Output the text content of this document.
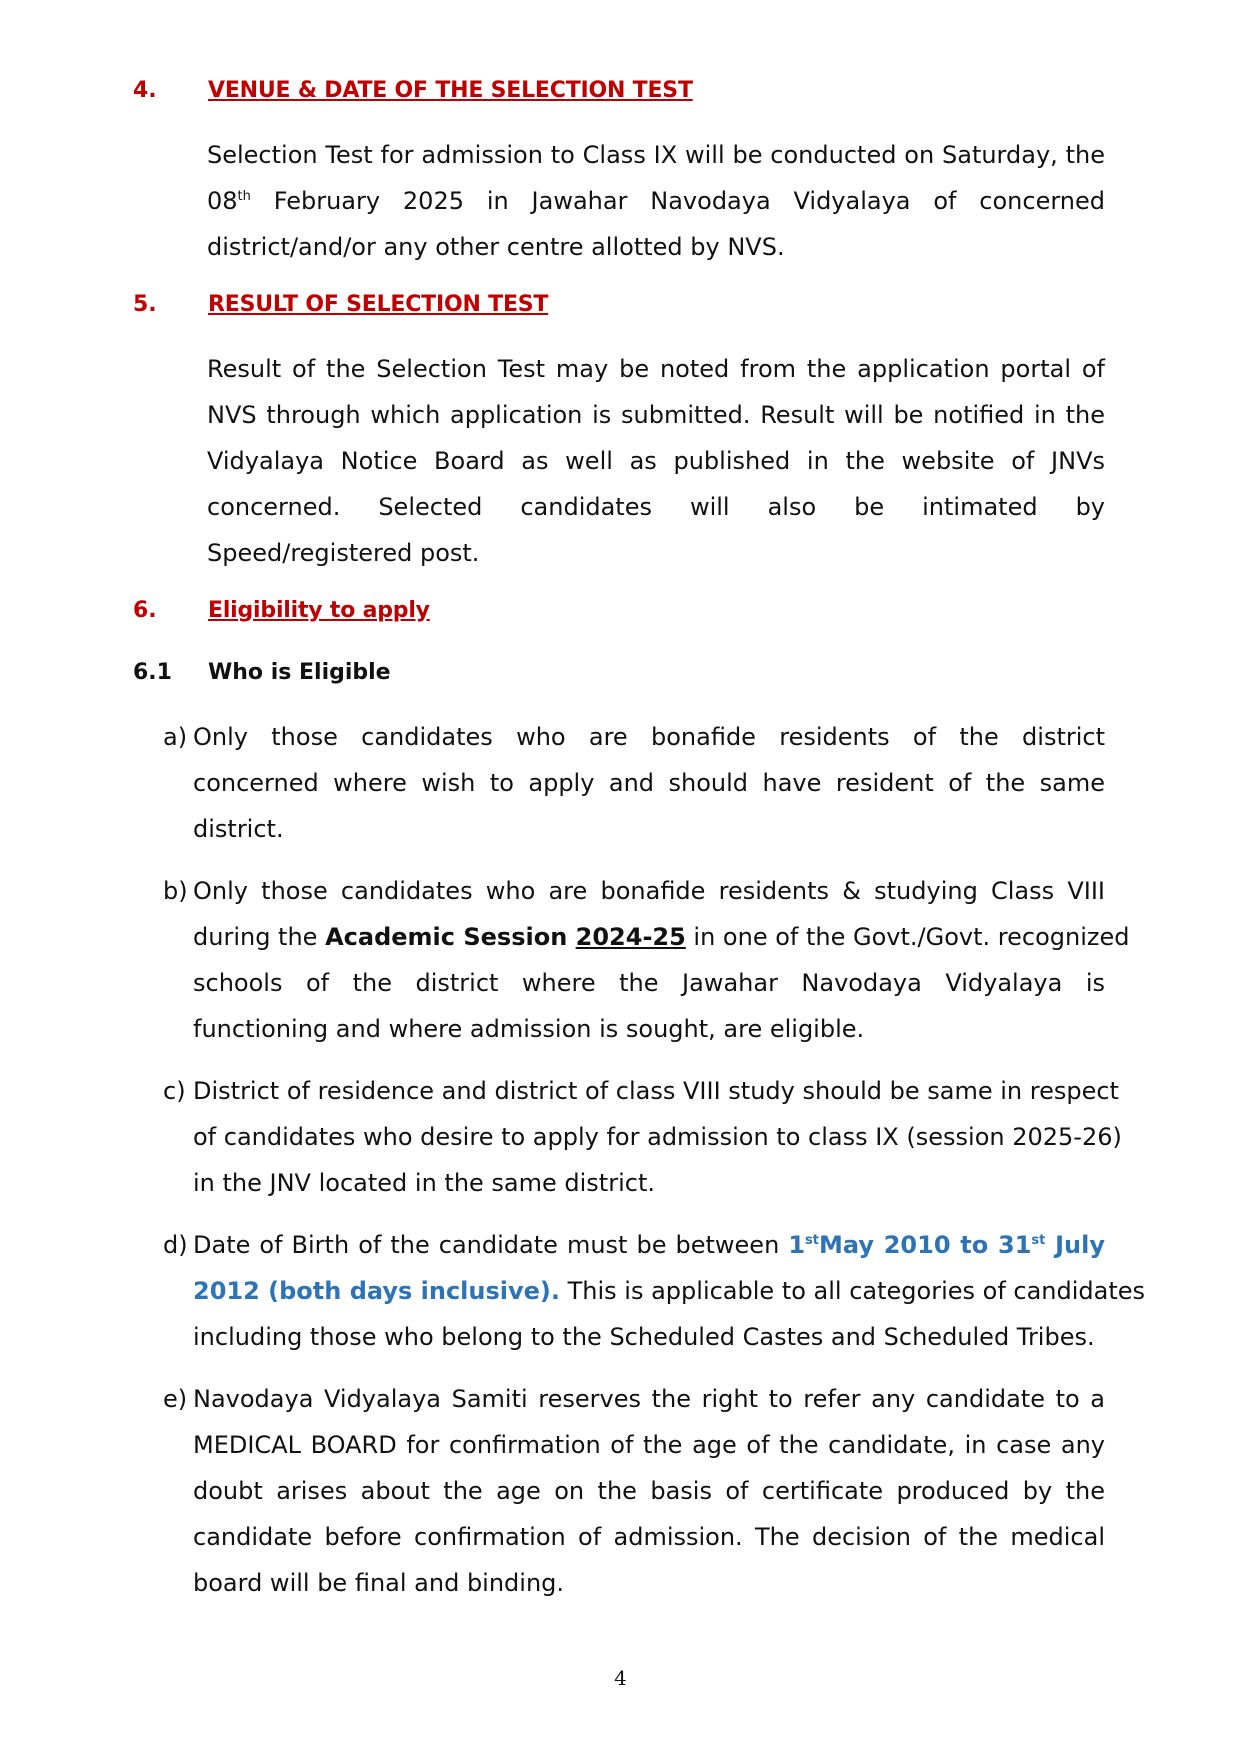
4.	VENUE & DATE OF THE SELECTION TEST
Selection Test for admission to Class IX will be conducted on Saturday, the
08th February 2025 in Jawahar Navodaya Vidyalaya of concerned
district/and/or any other centre allotted by NVS.
5.	RESULT OF SELECTION TEST
Result of the Selection Test may be noted from the application portal of
NVS through which application is submitted. Result will be notified in the
Vidyalaya Notice Board as well as published in the website of JNVs
concerned. Selected candidates will also be intimated by
Speed/registered post.
6.	Eligibility to apply
6.1	Who is Eligible
a) Only those candidates who are bonafide residents of the district
concerned where wish to apply and should have resident of the same
district.
b) Only those candidates who are bonafide residents & studying Class VIII
during the Academic Session 2024-25 in one of the Govt./Govt. recognized
schools of the district where the Jawahar Navodaya Vidyalaya is
functioning and where admission is sought, are eligible.
c) District of residence and district of class VIII study should be same in respect
of candidates who desire to apply for admission to class IX (session 2025-26)
in the JNV located in the same district.
d) Date of Birth of the candidate must be between 1stMay 2010 to 31st July
2012 (both days inclusive). This is applicable to all categories of candidates
including those who belong to the Scheduled Castes and Scheduled Tribes.
e) Navodaya Vidyalaya Samiti reserves the right to refer any candidate to a
MEDICAL BOARD for confirmation of the age of the candidate, in case any
doubt arises about the age on the basis of certificate produced by the
candidate before confirmation of admission. The decision of the medical
board will be final and binding.
4
